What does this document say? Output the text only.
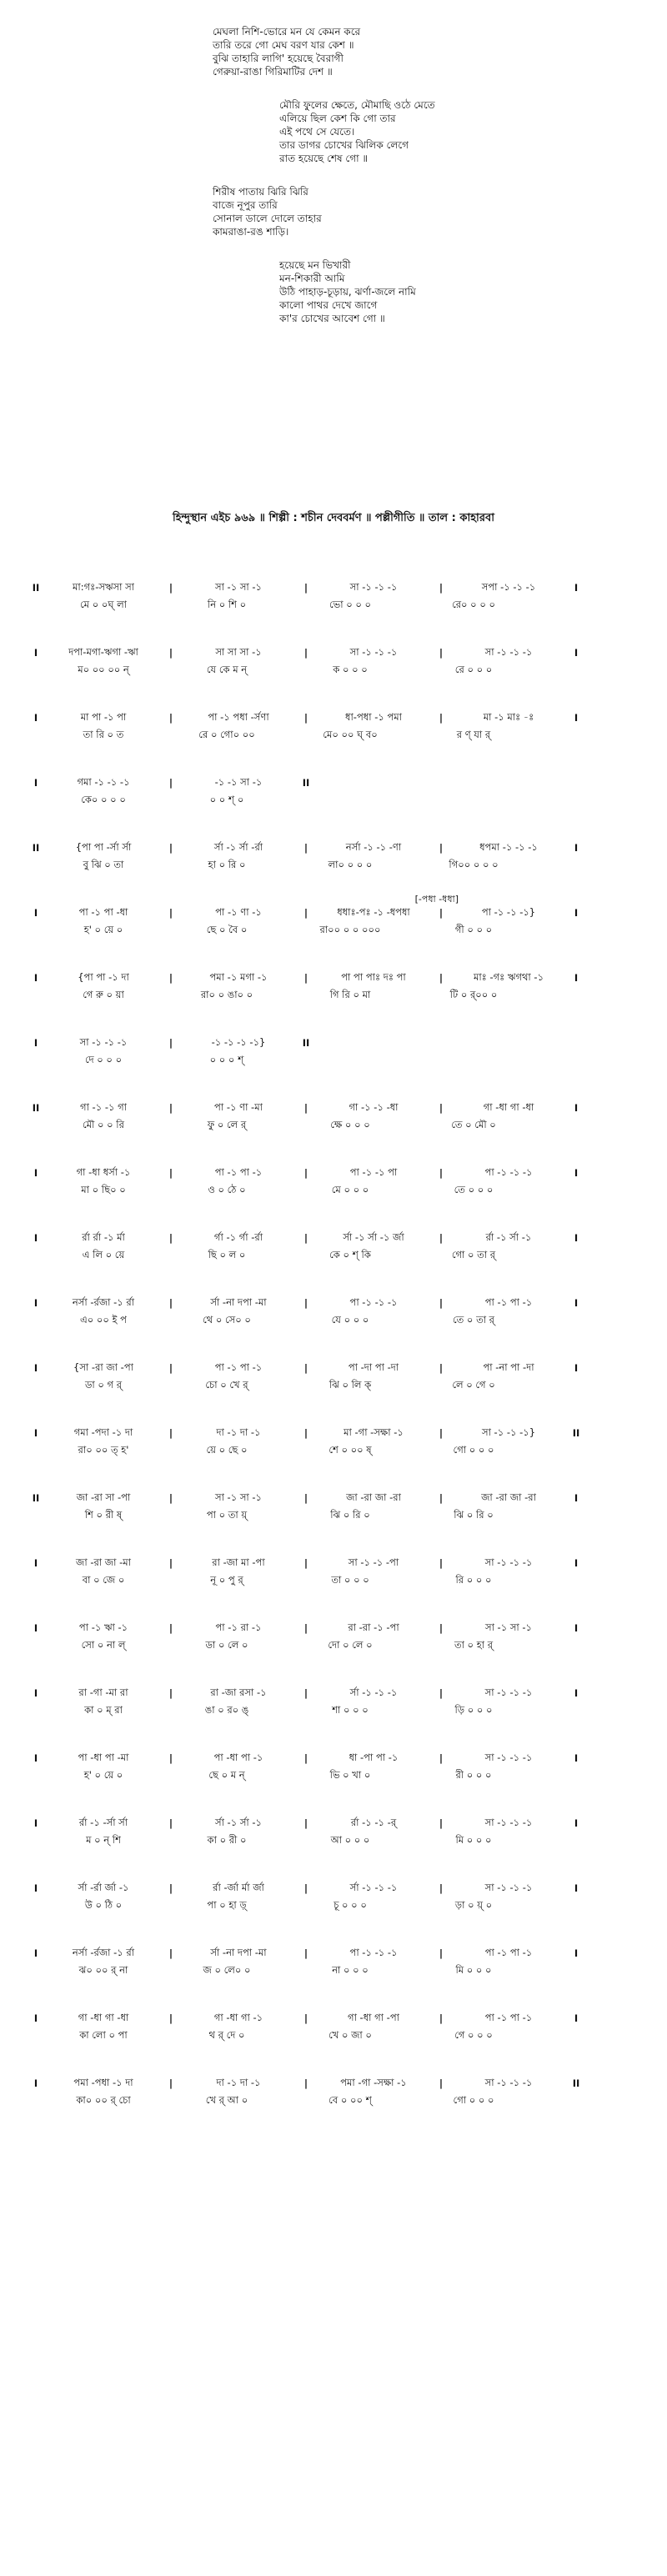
মেঘলা নিশি-ভোরে মন যে কেমন করে
তারি তরে গো মেঘ বরণ যার কেশ ॥
বুঝি তাহারি লাগি' হয়েছে বৈরাগী
গেরুয়া-রাঙা গিরিমাটির দেশ ॥
মৌরি ফুলের ক্ষেতে, মৌমাছি ওঠে মেতে
এলিয়ে ছিল কেশ কি গো তার
এই পথে সে যেতে।
তার ডাগর চোখের ঝিলিক লেগে
রাত হয়েছে শেষ গো ॥
শিরীষ পাতায় ঝিরি ঝিরি
বাজে নূপুর তারি
সোনাল ডালে দোলে তাহার
কামরাঙা-রঙ শাড়ি।
হয়েছে মন ভিখারী
মন-শিকারী আমি
উঠি পাহাড়-চূড়ায়, ঝর্ণা-জলে নামি
কালো পাথর দেখে জাগে
কা'র চোখের আবেশ গো ॥
হিন্দুস্থান এইচ ৯৬৯ ॥ শিল্পী : শচীন দেববর্মণ ॥ পল্লীগীতি ॥ তাল : কাহারবা
II	মা:গঃ-সঋসা সা	|	সা -১ সা -১	|	সা -১ -১ -১	|	সপা -১ -১ -১	I
মে ০ ০ঘ্ লা	নি ০ শি ০	ভো ০ ০ ০	রে০ ০ ০ ০
I	দপা-মগা-ঋগা -ঋা	|	সা সা সা -১	|	সা -১ -১ -১	|	সা -১ -১ -১	I
ম০ ০০ ০০ ন্	যে কে ম ন্	ক ০ ০ ০	রে ০ ০ ০
I	মা পা -১ পা	|	পা -১ পধা -র্সণা	|	ধা-পধা -১ পমা	|	মা -১ মাঃ -ঃ	I
তা রি ০ ত	রে ০ গো০ ০০	মে০ ০০ ঘ্ ব০	র ণ্ যা র্
I	গমা -১ -১ -১	|	-১ -১ সা -১	II
কে০ ০ ০ ০	০ ০ শ্ ০
II	{পা পা -র্সা র্সা	|	র্সা -১ র্সা -র্রা	|	নর্সা -১ -১ -ণা	|	ধপমা -১ -১ -১	I
বু ঝি ০ তা	হা ০ রি ০	লা০ ০ ০ ০	গি০০ ০ ০ ০
[-পধা -ধধা]
I	পা -১ পা -ধা	|	পা -১ ণা -১	|	ধধাঃ-পঃ -১ -ধপধা	|	পা -১ -১ -১}	I
হ' ০ য়ে ০	ছে ০ বৈ ০	রা০০ ০ ০ ০০০	গী ০ ০ ০
I	{পা পা -১ দা	|	পমা -১ মগা -১	|	পা পা পাঃ দঃ পা	|	মাঃ -গঃ ঋগথা -১	I
গে রু ০ য়া	রা০ ০ ঙা০ ০	গি রি ০ মা	টি ০ র্০০ ০
I	সা -১ -১ -১	|	-১ -১ -১ -১}	II
দে ০ ০ ০	০ ০ ০ শ্
II	গা -১ -১ গা	|	পা -১ ণা -মা	|	গা -১ -১ -ধা	|	গা -ধা গা -ধা	I
মৌ ০ ০ রি	ফু ০ লে র্	ক্ষে ০ ০ ০	তে ০ মৌ ০
I	গা -ধা ধর্সা -১	|	পা -১ পা -১	|	পা -১ -১ পা	|	পা -১ -১ -১	I
মা ০ ছি০ ০	ও ০ ঠে ০	মে ০ ০ ০	তে ০ ০ ০
I	র্রা র্রা -১ র্মা	|	র্গা -১ র্গা -র্রা	|	র্সা -১ র্সা -১ র্জা	|	র্রা -১ র্সা -১	I
এ লি ০ য়ে	ছি ০ ল ০	কে ০ শ্ কি	গো ০ তা র্
I	নর্সা -র্রজা -১ র্রা	|	র্সা -না দপা -মা	|	পা -১ -১ -১	|	পা -১ পা -১	I
এ০ ০০ ই প	থে ০ সে০ ০	যে ০ ০ ০	তে ০ তা র্
I	{সা -রা জা -পা	|	পা -১ পা -১	|	পা -দা পা -দা	|	পা -না পা -দা	I
ডা ০ গ র্	চো ০ খে র্	ঝি ০ লি ক্	লে ০ গে ০
I	গমা -পদা -১ দা	|	দা -১ দা -১	|	মা -গা -সক্ষা -১	|	সা -১ -১ -১}	II
রা০ ০০ ত্ হ'	য়ে ০ ছে ০	শে ০ ০০ ষ্	গো ০ ০ ০
II	জা -রা সা -পা	|	সা -১ সা -১	|	জা -রা জা -রা	|	জা -রা জা -রা	I
শি ০ রী ষ্	পা ০ তা য়্	ঝি ০ রি ০	ঝি ০ রি ০
I	জা -রা জা -মা	|	রা -জা মা -পা	|	সা -১ -১ -পা	|	সা -১ -১ -১	I
বা ০ জে ০	নূ ০ পু র্	তা ০ ০ ০	রি ০ ০ ০
I	পা -১ ঋা -১	|	পা -১ রা -১	|	রা -রা -১ -পা	|	সা -১ সা -১	I
সো ০ না ল্	ডা ০ লে ০	দো ০ লে ০	তা ০ হা র্
I	রা -গা -মা রা	|	রা -জা রসা -১	|	র্সা -১ -১ -১	|	সা -১ -১ -১	I
কা ০ ম্ রা	ঙা ০ র০ ঙ্	শা ০ ০ ০	ড়ি ০ ০ ০
I	পা -ধা পা -মা	|	পা -ধা পা -১	|	ধা -পা পা -১	|	সা -১ -১ -১	I
হ' ০ য়ে ০	ছে ০ ম ন্	ভি ০ খা ০	রী ০ ০ ০
I	র্রা -১ -র্সা র্সা	|	র্সা -১ র্সা -১	|	র্রা -১ -১ -র্	|	সা -১ -১ -১	I
ম ০ ন্ শি	কা ০ রী ০	আ ০ ০ ০	মি ০ ০ ০
I	র্সা -র্রা র্জা -১	|	র্রা -র্জা র্মা র্জা	|	র্সা -১ -১ -১	|	সা -১ -১ -১	I
উ ০ ঠি ০	পা ০ হা ড়্	চূ ০ ০ ০	ড়া ০ য়্ ০
I	নর্সা -র্রজা -১ র্রা	|	র্সা -না দপা -মা	|	পা -১ -১ -১	|	পা -১ পা -১	I
ঝ০ ০০ র্ না	জ ০ লে০ ০	না ০ ০ ০	মি ০ ০ ০
I	গা -ধা গা -ধা	|	গা -ধা গা -১	|	গা -ধা গা -পা	|	পা -১ পা -১	I
কা লো ০ পা	থ র্ দে ০	খে ০ জা ০	গে ০ ০ ০
I	পমা -পধা -১ দা	|	দা -১ দা -১	|	পমা -গা -সক্ষা -১	|	সা -১ -১ -১	II
কা০ ০০ র্ চো	খে র্ আ ০	বে ০ ০০ শ্	গো ০ ০ ০
